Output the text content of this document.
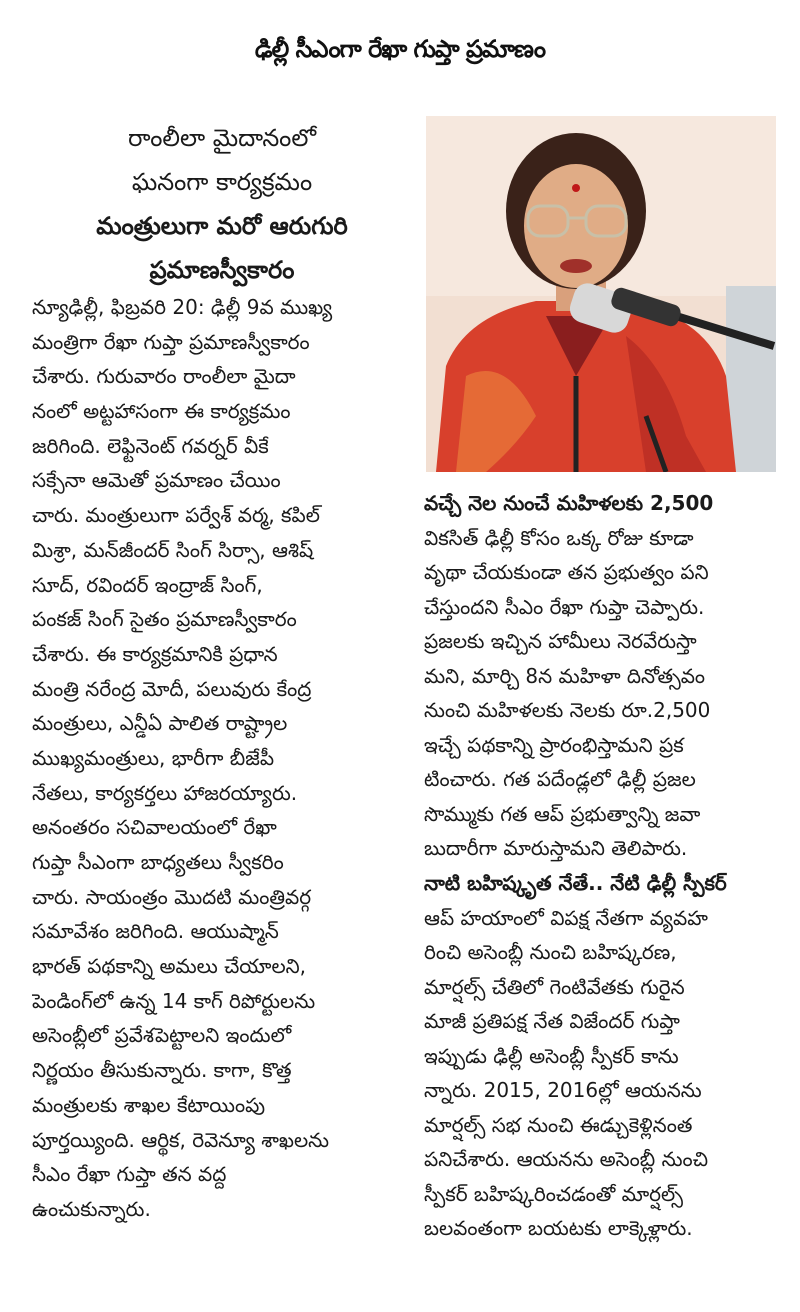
ఢిల్లీ సీఎంగా రేఖా గుప్తా ప్రమాణం
రాంలీలా మైదానంలో
ఘనంగా కార్యక్రమం
మంత్రులుగా మరో ఆరుగురి
ప్రమాణస్వీకారం
న్యూఢిల్లీ, ఫిబ్రవరి 20: ఢిల్లీ 9వ ముఖ్య
మంత్రిగా రేఖా గుప్తా ప్రమాణస్వీకారం
చేశారు. గురువారం రాంలీలా మైదా
నంలో అట్టహాసంగా ఈ కార్యక్రమం
జరిగింది. లెఫ్టినెంట్ గవర్నర్ వీకే
సక్సేనా ఆమెతో ప్రమాణం చేయిం
చారు. మంత్రులుగా పర్వేశ్ వర్మ, కపిల్
మిశ్రా, మన్‌జీందర్ సింగ్ సిర్సా, ఆశిష్
సూద్, రవిందర్ ఇంద్రాజ్ సింగ్,
పంకజ్ సింగ్ సైతం ప్రమాణస్వీకారం
చేశారు. ఈ కార్యక్రమానికి ప్రధాన
మంత్రి నరేంద్ర మోదీ, పలువురు కేంద్ర
మంత్రులు, ఎన్డీఏ పాలిత రాష్ట్రాల
ముఖ్యమంత్రులు, భారీగా బీజేపీ
నేతలు, కార్యకర్తలు హాజరయ్యారు.
అనంతరం సచివాలయంలో రేఖా
గుప్తా సీఎంగా బాధ్యతలు స్వీకరిం
చారు. సాయంత్రం మొదటి మంత్రివర్గ
సమావేశం జరిగింది. ఆయుష్మాన్
భారత్ పథకాన్ని అమలు చేయాలని,
పెండింగ్‌లో ఉన్న 14 కాగ్ రిపోర్టులను
అసెంబ్లీలో ప్రవేశపెట్టాలని ఇందులో
నిర్ణయం తీసుకున్నారు. కాగా, కొత్త
మంత్రులకు శాఖల కేటాయింపు
పూర్తయ్యింది. ఆర్థిక, రెవెన్యూ శాఖలను
సీఎం రేఖా గుప్తా తన వద్ద
ఉంచుకున్నారు.
వచ్చే నెల నుంచే మహిళలకు 2,500
వికసిత్ ఢిల్లీ కోసం ఒక్క రోజు కూడా
వృథా చేయకుండా తన ప్రభుత్వం పని
చేస్తుందని సీఎం రేఖా గుప్తా చెప్పారు.
ప్రజలకు ఇచ్చిన హామీలు నెరవేరుస్తా
మని, మార్చి 8న మహిళా దినోత్సవం
నుంచి మహిళలకు నెలకు రూ.2,500
ఇచ్చే పథకాన్ని ప్రారంభిస్తామని ప్రక
టించారు. గత పదేండ్లలో ఢిల్లీ ప్రజల
సొమ్ముకు గత ఆప్ ప్రభుత్వాన్ని జవా
బుదారీగా మారుస్తామని తెలిపారు.
నాటి బహిష్కృత నేతే.. నేటి ఢిల్లీ స్పీకర్
ఆప్ హయాంలో విపక్ష నేతగా వ్యవహ
రించి అసెంబ్లీ నుంచి బహిష్కరణ,
మార్షల్స్ చేతిలో గెంటివేతకు గురైన
మాజీ ప్రతిపక్ష నేత విజేందర్ గుప్తా
ఇప్పుడు ఢిల్లీ అసెంబ్లీ స్పీకర్ కాను
న్నారు. 2015, 2016ల్లో ఆయనను
మార్షల్స్ సభ నుంచి ఈడ్చుకెళ్లినంత
పనిచేశారు. ఆయనను అసెంబ్లీ నుంచి
స్పీకర్ బహిష్కరించడంతో మార్షల్స్
బలవంతంగా బయటకు లాక్కెళ్లారు.
